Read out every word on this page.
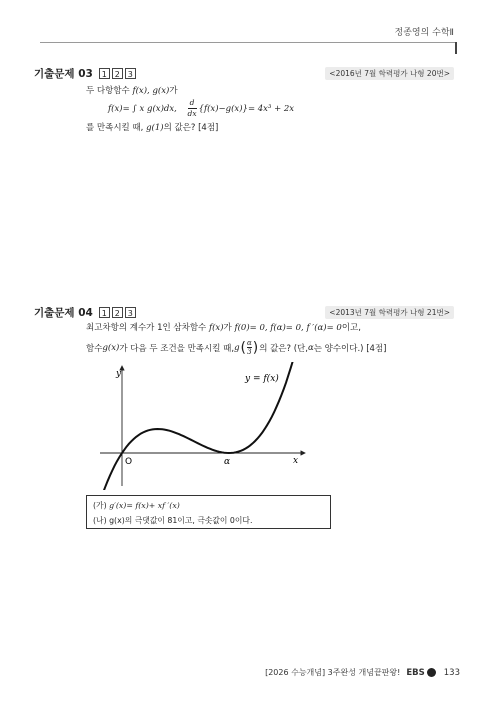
정종영의 수학Ⅱ
기출문제 03	1 2 3	<2016년 7월 학력평가 나형 20번>
두 다항함수 f(x), g(x)가
f(x)= ∫ x g(x)dx, $\frac{d}{dx} \{f(x)-g(x)\}= 4x^3 + 2x$
를 만족시킬 때, g(1)의 값은? [4점]
기출문제 04	1 2 3	<2013년 7월 학력평가 나형 21번>
최고차항의 계수가 1인 삼차함수 f(x)가 f(0)= 0, f(α)= 0, f ′(α)= 0이고,
함수 g(x) 가 다음 두 조건을 만족시킬 때, g ( $\frac{\alpha}{3}$ ) 의 값은? (단, α 는 양수이다.) [4점]
y
x
O	α
y = f(x)
(가) g′(x)= f(x)+ xf ′(x)
(나) g(x)의 극댓값이 81이고, 극솟값이 0이다.
[2026 수능개념] 3주완성 개념끝판왕! EBS 133
